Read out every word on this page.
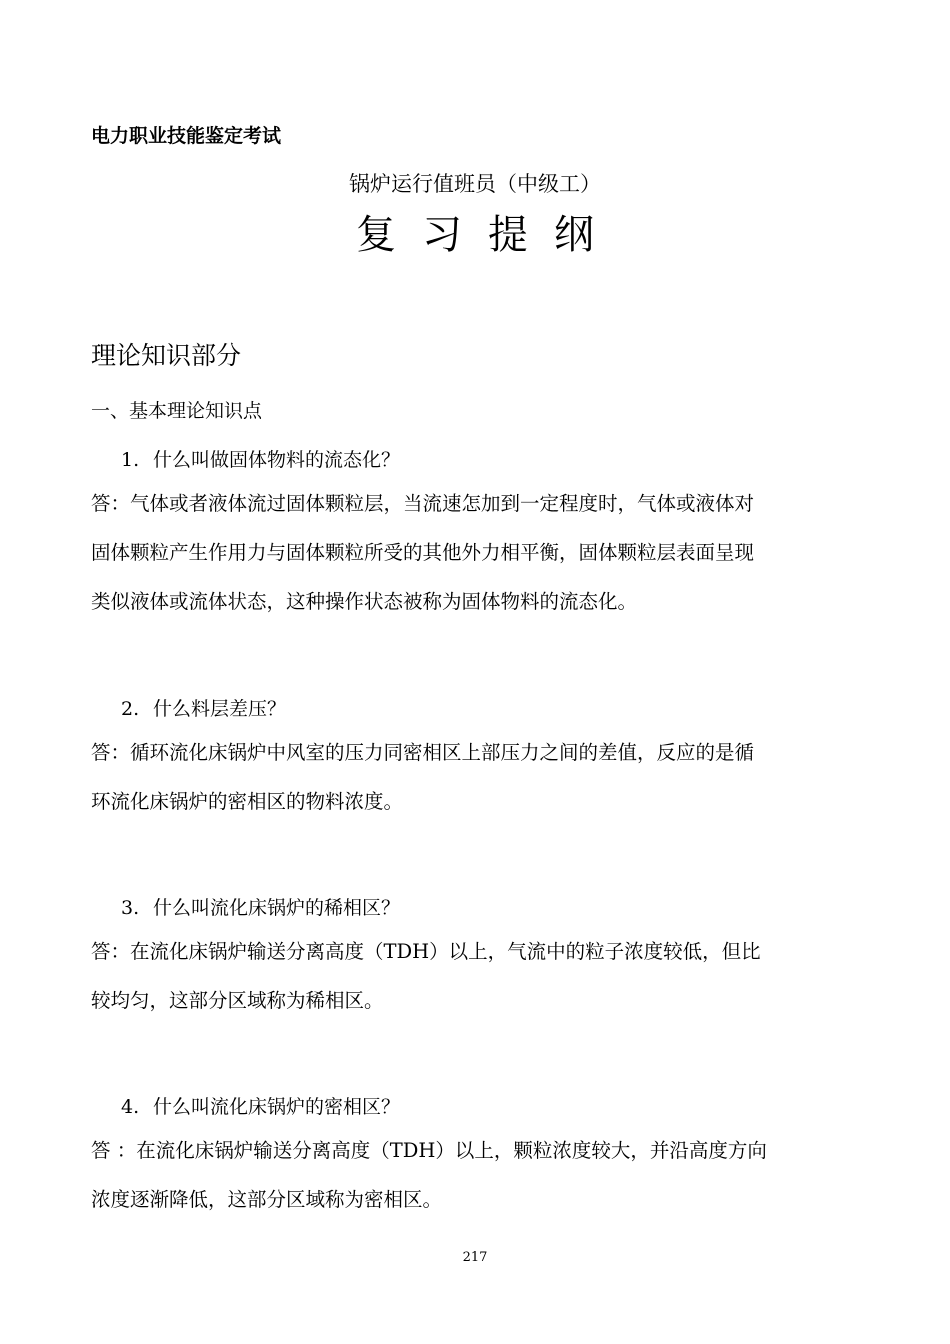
电力职业技能鉴定考试
锅炉运行值班员（中级工）
复习提纲
理论知识部分
一、基本理论知识点
1. 什么叫做固体物料的流态化？
答：气体或者液体流过固体颗粒层，当流速怎加到一定程度时，气体或液体对
固体颗粒产生作用力与固体颗粒所受的其他外力相平衡，固体颗粒层表面呈现
类似液体或流体状态，这种操作状态被称为固体物料的流态化。
2. 什么料层差压？
答：循环流化床锅炉中风室的压力同密相区上部压力之间的差值，反应的是循
环流化床锅炉的密相区的物料浓度。
3. 什么叫流化床锅炉的稀相区？
答：在流化床锅炉输送分离高度（TDH）以上，气流中的粒子浓度较低，但比
较均匀，这部分区域称为稀相区。
4. 什么叫流化床锅炉的密相区？
答 ：在流化床锅炉输送分离高度（TDH）以上，颗粒浓度较大，并沿高度方向
浓度逐渐降低，这部分区域称为密相区。
217
